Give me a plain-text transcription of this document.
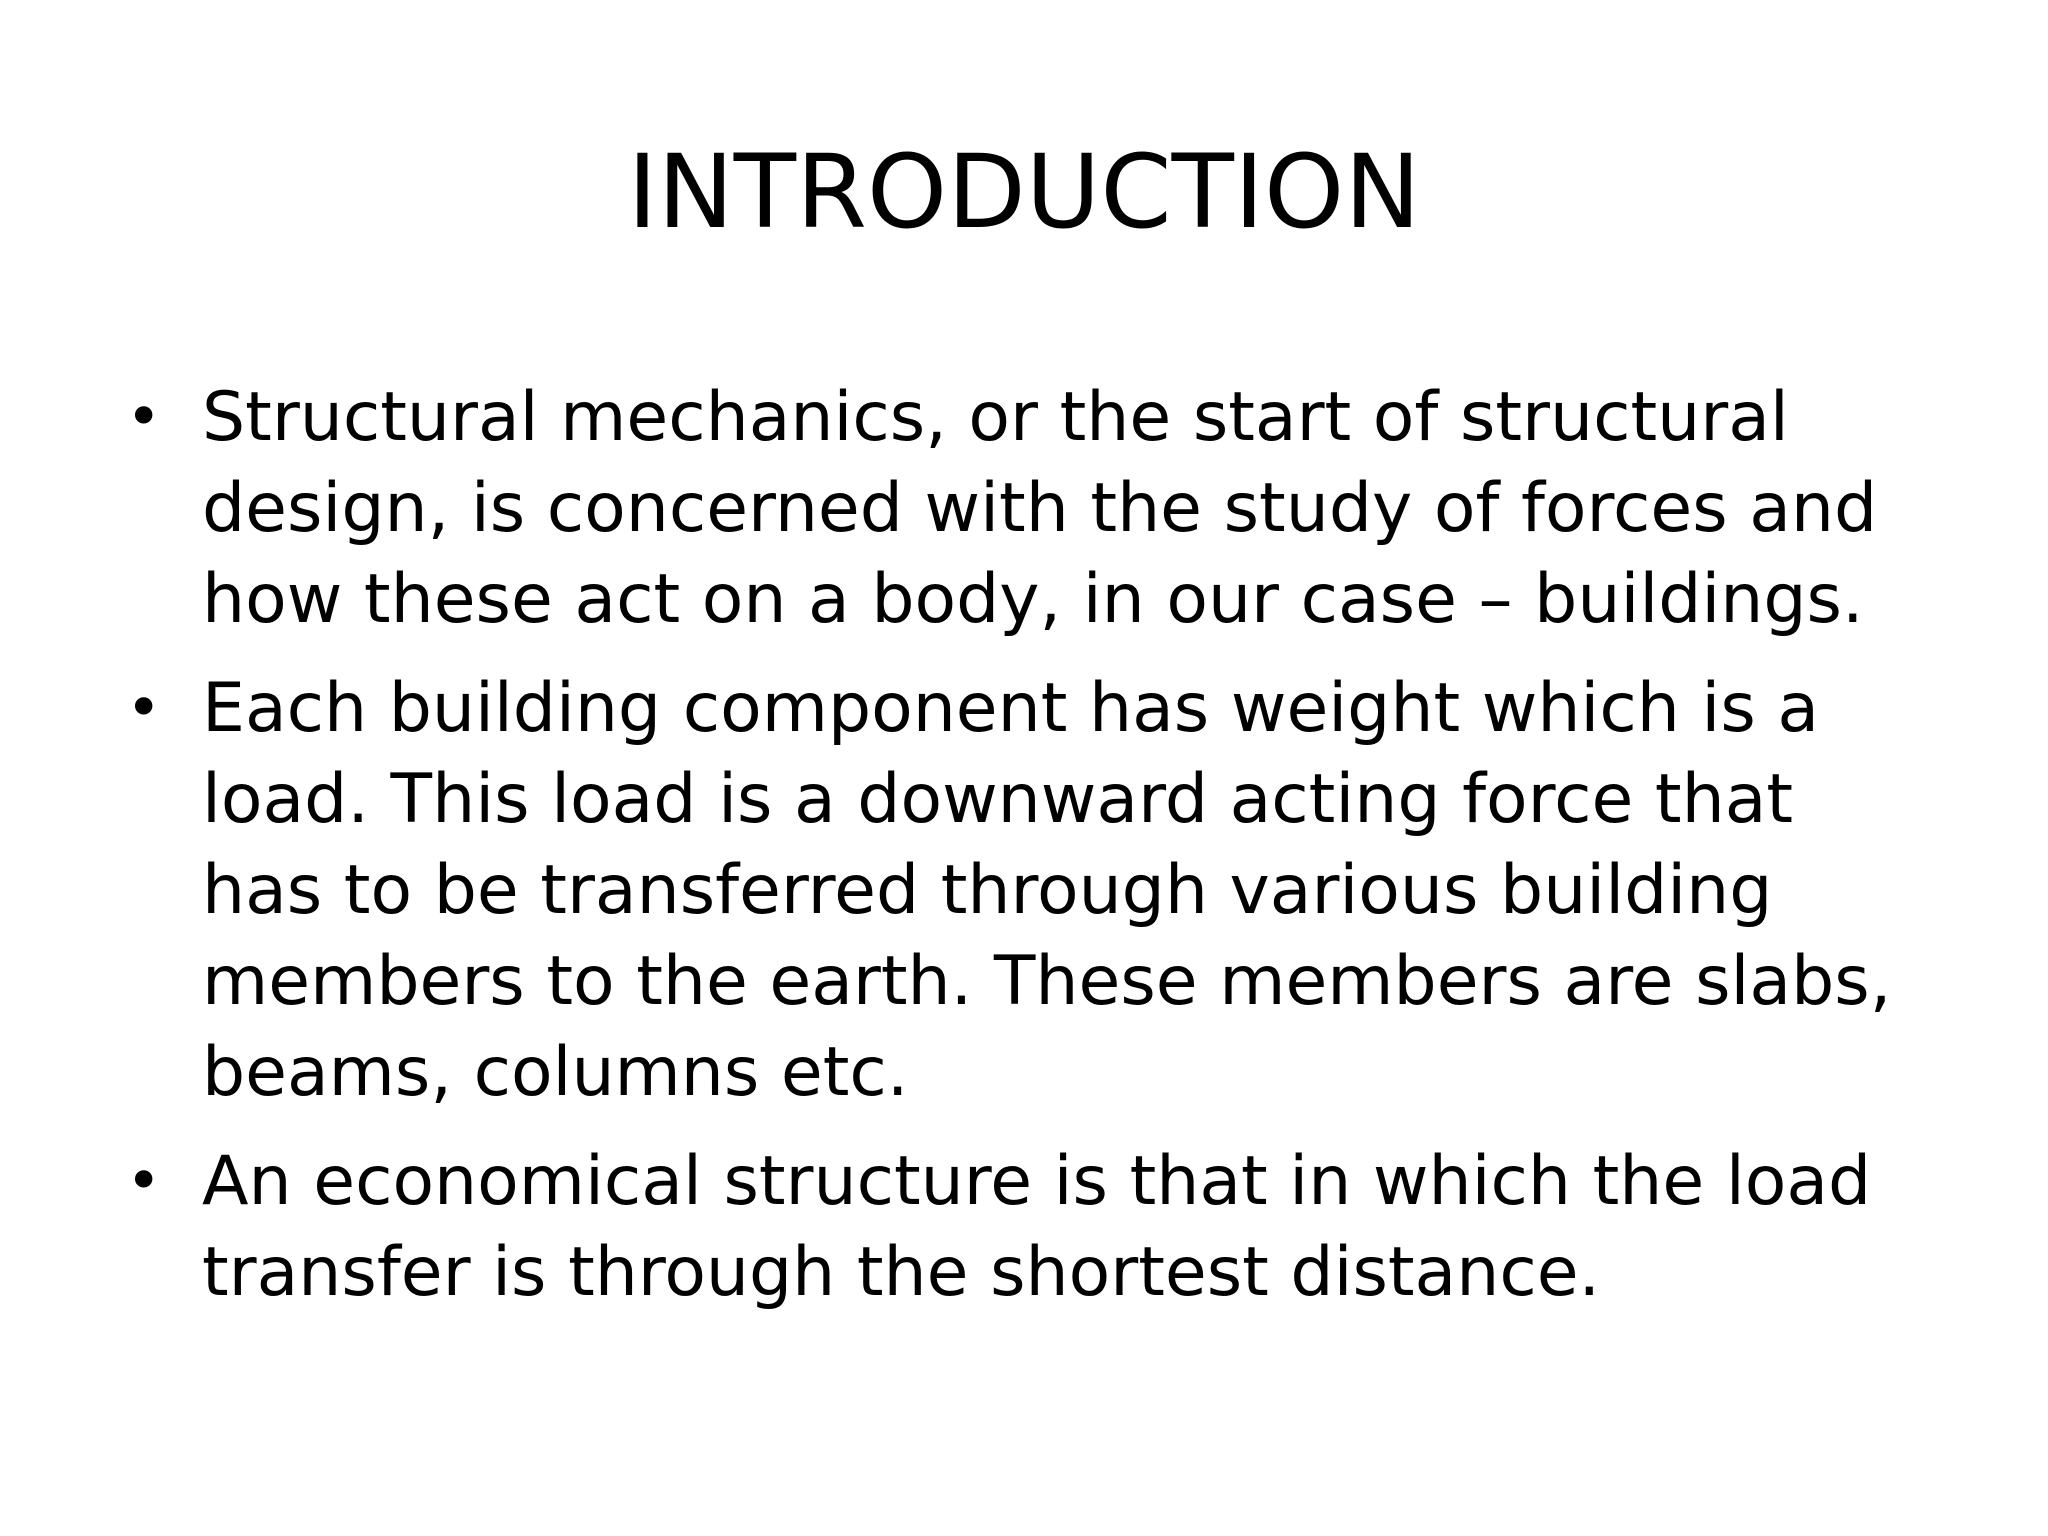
INTRODUCTION
• Structural mechanics, or the start of structural design, is concerned with the study of forces and how these act on a body, in our case – buildings.
• Each building component has weight which is a load. This load is a downward acting force that has to be transferred through various building members to the earth. These members are slabs, beams, columns etc.
• An economical structure is that in which the load transfer is through the shortest distance.
